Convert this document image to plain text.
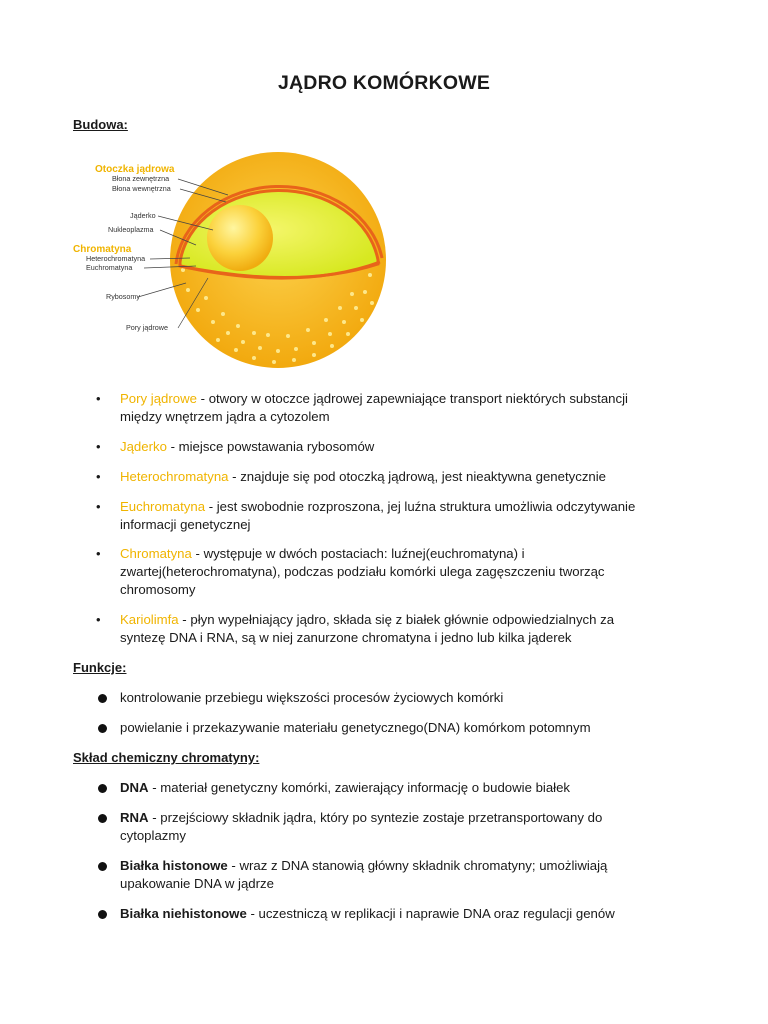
JĄDRO KOMÓRKOWE
Budowa:
Otoczka jądrowa
Błona zewnętrzna
Błona wewnętrzna
Jąderko
Nukleoplazma
Chromatyna
Heterochromatyna
Euchromatyna
Rybosomy
Pory jądrowe
• Pory jądrowe - otwory w otoczce jądrowej zapewniające transport niektórych substancji
między wnętrzem jądra a cytozolem
• Jąderko - miejsce powstawania rybosomów
• Heterochromatyna - znajduje się pod otoczką jądrową, jest nieaktywna genetycznie
• Euchromatyna - jest swobodnie rozproszona, jej luźna struktura umożliwia odczytywanie
informacji genetycznej
• Chromatyna - występuje w dwóch postaciach: luźnej(euchromatyna) i
zwartej(heterochromatyna), podczas podziału komórki ulega zagęszczeniu tworząc
chromosomy
• Kariolimfa - płyn wypełniający jądro, składa się z białek głównie odpowiedzialnych za
syntezę DNA i RNA, są w niej zanurzone chromatyna i jedno lub kilka jąderek
Funkcje:
kontrolowanie przebiegu większości procesów życiowych komórki
powielanie i przekazywanie materiału genetycznego(DNA) komórkom potomnym
Skład chemiczny chromatyny:
DNA - materiał genetyczny komórki, zawierający informację o budowie białek
RNA - przejściowy składnik jądra, który po syntezie zostaje przetransportowany do
cytoplazmy
Białka histonowe - wraz z DNA stanowią główny składnik chromatyny; umożliwiają
upakowanie DNA w jądrze
Białka niehistonowe - uczestniczą w replikacji i naprawie DNA oraz regulacji genów
